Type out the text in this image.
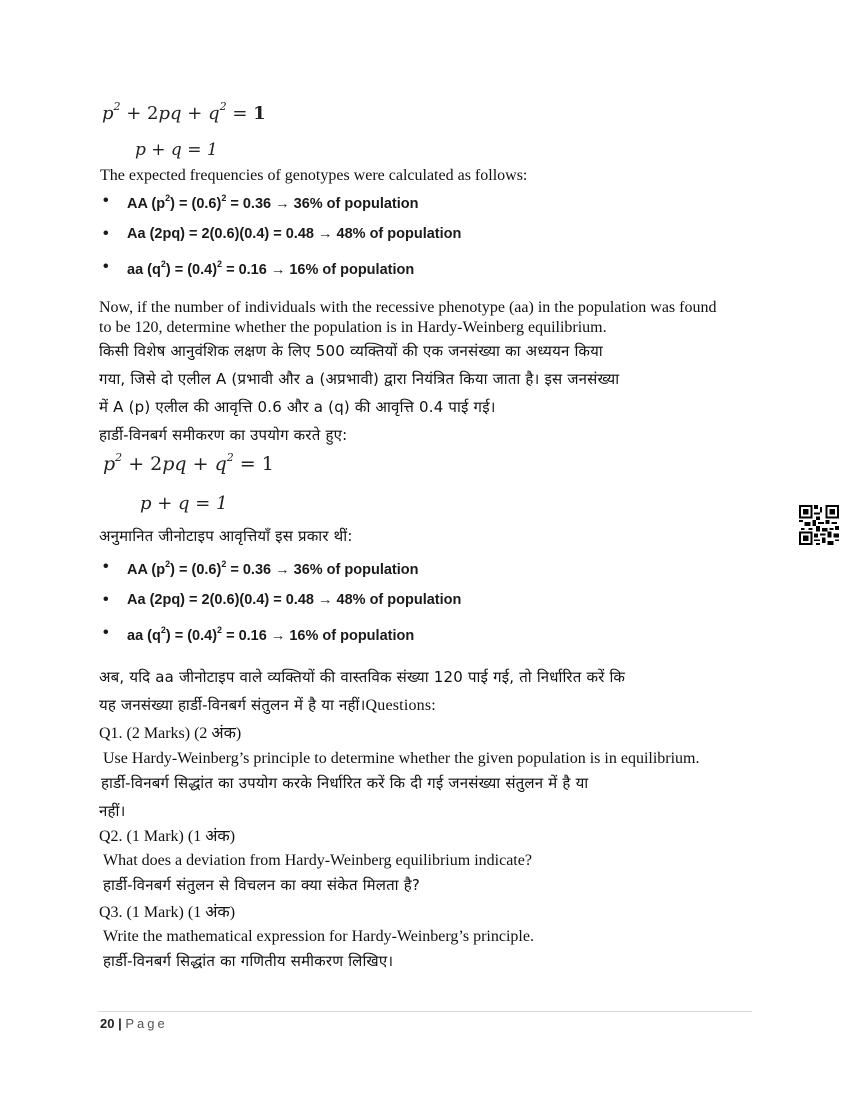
$p^2 + 2pq + q^2 = 1$
p + q = 1
The expected frequencies of genotypes were calculated as follows:
• AA $(p^2) = (0.6)^2 = 0.36 \to 36\%$ of population
• Aa (2pq) = 2(0.6)(0.4) = 0.48 → 48% of population
• aa $(q^2) = (0.4)^2 = 0.16 \to 16\%$ of population
Now, if the number of individuals with the recessive phenotype (aa) in the population was found
to be 120, determine whether the population is in Hardy-Weinberg equilibrium.
किसी विशेष आनुवंशिक लक्षण के लिए 500 व्यक्तियों की एक जनसंख्या का अध्ययन किया
गया, जिसे दो एलील A (प्रभावी और a (अप्रभावी) द्वारा नियंत्रित किया जाता है। इस जनसंख्या
में A (p) एलील की आवृत्ति 0.6 और a (q) की आवृत्ति 0.4 पाई गई।
हार्डी-विनबर्ग समीकरण का उपयोग करते हुए:
$p^2 + 2pq + q^2 = 1$
p + q = 1
अनुमानित जीनोटाइप आवृत्तियाँ इस प्रकार थीं:
• AA $(p^2) = (0.6)^2 = 0.36 \to 36\%$ of population
• Aa (2pq) = 2(0.6)(0.4) = 0.48 → 48% of population
• aa $(q^2) = (0.4)^2 = 0.16 \to 16\%$ of population
अब, यदि aa जीनोटाइप वाले व्यक्तियों की वास्तविक संख्या 120 पाई गई, तो निर्धारित करें कि
यह जनसंख्या हार्डी-विनबर्ग संतुलन में है या नहीं।Questions:
Q1. (2 Marks) (2 अंक)
Use Hardy-Weinberg’s principle to determine whether the given population is in equilibrium.
हार्डी-विनबर्ग सिद्धांत का उपयोग करके निर्धारित करें कि दी गई जनसंख्या संतुलन में है या
नहीं।
Q2. (1 Mark) (1 अंक)
What does a deviation from Hardy-Weinberg equilibrium indicate?
हार्डी-विनबर्ग संतुलन से विचलन का क्या संकेत मिलता है?
Q3. (1 Mark) (1 अंक)
Write the mathematical expression for Hardy-Weinberg’s principle.
हार्डी-विनबर्ग सिद्धांत का गणितीय समीकरण लिखिए।
20 | Page
